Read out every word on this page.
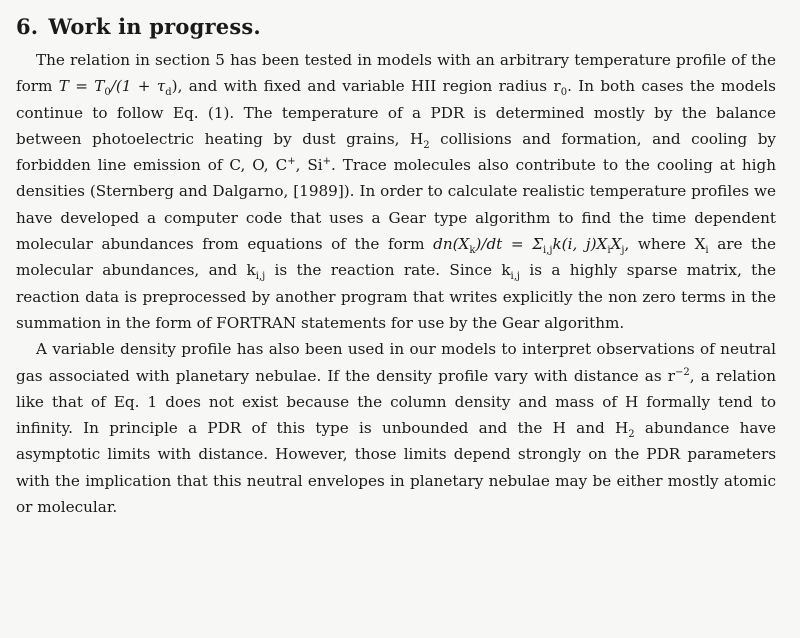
6. Work in progress.

The relation in section 5 has been tested in models with an arbitrary temperature profile of the form $T = T_0/(1 + \tau_d)$, and with fixed and variable HII region radius $r_0$. In both cases the models continue to follow Eq. (1). The temperature of a PDR is determined mostly by the balance between photoelectric heating by dust grains, $H_2$ collisions and formation, and cooling by forbidden line emission of C, O, C+, Si+. Trace molecules also contribute to the cooling at high densities (Sternberg and Dalgarno, [1989]). In order to calculate realistic temperature profiles we have developed a computer code that uses a Gear type algorithm to find the time dependent molecular abundances from equations of the form $dn(X_k)/dt = \Sigma_{i,j}k(i$, $j)X_iX_j$, where $X_i$ are the molecular abundances, and $k_{i,j}$ is the reaction rate. Since $k_{i,j}$ is a highly sparse matrix, the reaction data is preprocessed by another program that writes explicitly the non zero terms in the summation in the form of FORTRAN statements for use by the Gear algorithm.

A variable density profile has also been used in our models to interpret observations of neutral gas associated with planetary nebulae. If the density profile vary with distance as $r^{-2}$, a relation like that of Eq. 1 does not exist because the column density and mass of H formally tend to infinity. In principle a PDR of this type is unbounded and the H and $H_2$ abundance have asymptotic limits with distance. However, those limits depend strongly on the PDR parameters with the implication that this neutral envelopes in planetary nebulae may be either mostly atomic or molecular.
